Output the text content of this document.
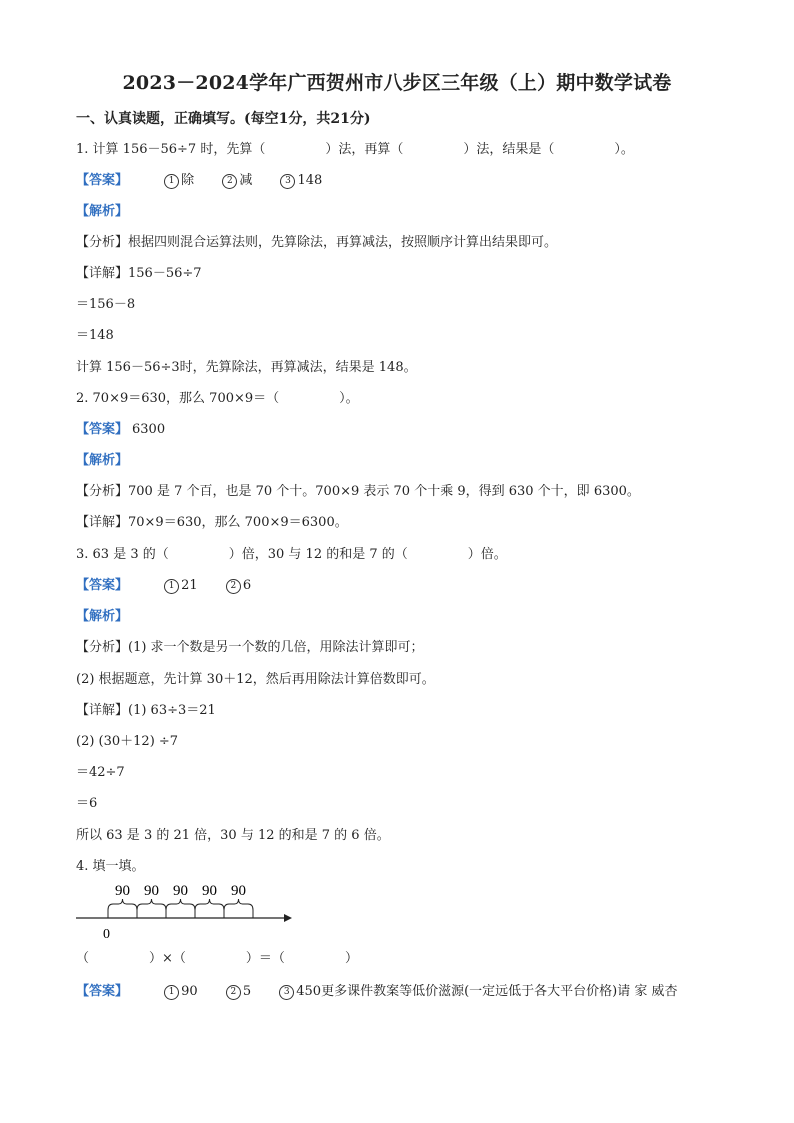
2023－2024学年广西贺州市八步区三年级（上）期中数学试卷
一、认真读题，正确填写。(每空1分，共21分)
1. 计算 156－56÷7 时，先算（	）法，再算（	）法，结果是（	）。
【答案】	1 除	2 减	3 148
【解析】
【分析】根据四则混合运算法则，先算除法，再算减法，按照顺序计算出结果即可。
【详解】156－56÷7
＝156－8
＝148
计算 156－56÷3时，先算除法，再算减法，结果是 148。
2. 70×9＝630，那么 700×9＝（	）。
【答案】 6300
【解析】
【分析】700 是 7 个百，也是 70 个十。700×9 表示 70 个十乘 9，得到 630 个十，即 6300。
【详解】70×9＝630，那么 700×9＝6300。
3. 63 是 3 的（	）倍，30 与 12 的和是 7 的（	）倍。
【答案】	1 21	2 6
【解析】
【分析】(1) 求一个数是另一个数的几倍，用除法计算即可；
(2) 根据题意，先计算 30＋12，然后再用除法计算倍数即可。
【详解】(1) 63÷3＝21
(2) (30＋12) ÷7
＝42÷7
＝6
所以 63 是 3 的 21 倍，30 与 12 的和是 7 的 6 倍。
4. 填一填。
90 90 90 90 90
0
（	）×（	）＝（	）
【答案】	1 90	2 5	3 450更多课件教案等低价滋源(一定远低于各大平台价格)请 家 威杏
